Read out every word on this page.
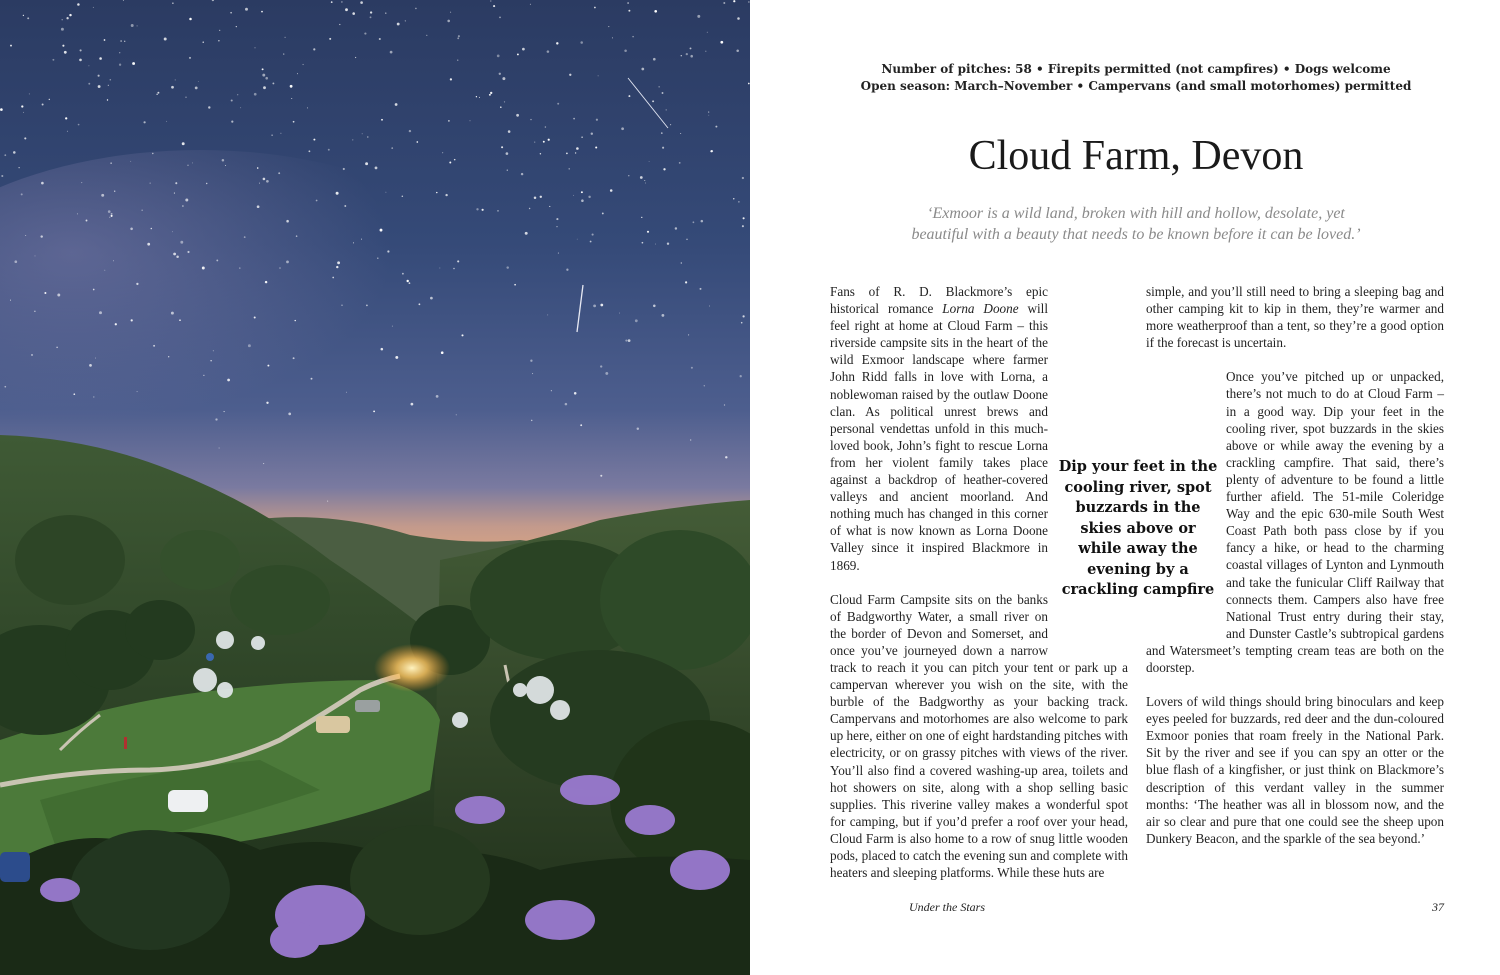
Number of pitches: 58 • Firepits permitted (not campfires) • Dogs welcome
Open season: March–November • Campervans (and small motorhomes) permitted
Cloud Farm, Devon
‘Exmoor is a wild land, broken with hill and hollow, desolate, yet
beautiful with a beauty that needs to be known before it can be loved.’

Fans of R. D. Blackmore’s epic historical romance Lorna Doone will feel right at home at Cloud Farm – this riverside campsite sits in the heart of the wild Exmoor landscape where farmer John Ridd falls in love with Lorna, a noblewoman raised by the outlaw Doone clan. As political unrest brews and personal vendettas unfold in this much-loved book, John’s fight to rescue Lorna from her violent family takes place against a backdrop of heather-covered valleys and ancient moorland. And nothing much has changed in this corner of what is now known as Lorna Doone Valley since it inspired Blackmore in 1869.

Cloud Farm Campsite sits on the banks of Badgworthy Water, a small river on the border of Devon and Somerset, and once you’ve journeyed down a narrow track to reach it you can pitch your tent or park up a campervan wherever you wish on the site, with the burble of the Badgworthy as your backing track. Campervans and motorhomes are also welcome to park up here, either on one of eight hardstanding pitches with electricity, or on grassy pitches with views of the river. You’ll also find a covered washing-up area, toilets and hot showers on site, along with a shop selling basic supplies. This riverine valley makes a wonderful spot for camping, but if you’d prefer a roof over your head, Cloud Farm is also home to a row of snug little wooden pods, placed to catch the evening sun and complete with heaters and sleeping platforms. While these huts are

simple, and you’ll still need to bring a sleeping bag and other camping kit to kip in them, they’re warmer and more weatherproof than a tent, so they’re a good option if the forecast is uncertain.

Once you’ve pitched up or unpacked, there’s not much to do at Cloud Farm – in a good way. Dip your feet in the cooling river, spot buzzards in the skies above or while away the evening by a crackling campfire. That said, there’s plenty of adventure to be found a little further afield. The 51-mile Coleridge Way and the epic 630-mile South West Coast Path both pass close by if you fancy a hike, or head to the charming coastal villages of Lynton and Lynmouth and take the funicular Cliff Railway that connects them. Campers also have free National Trust entry during their stay, and Dunster Castle’s subtropical gardens and Watersmeet’s tempting cream teas are both on the doorstep.

Lovers of wild things should bring binoculars and keep eyes peeled for buzzards, red deer and the dun-coloured Exmoor ponies that roam freely in the National Park. Sit by the river and see if you can spy an otter or the blue flash of a kingfisher, or just think on Blackmore’s description of this verdant valley in the summer months: ‘The heather was all in blossom now, and the air so clear and pure that one could see the sheep upon Dunkery Beacon, and the sparkle of the sea beyond.’

Dip your feet in the cooling river, spot buzzards in the skies above or while away the evening by a crackling campfire
Under the Stars	37
